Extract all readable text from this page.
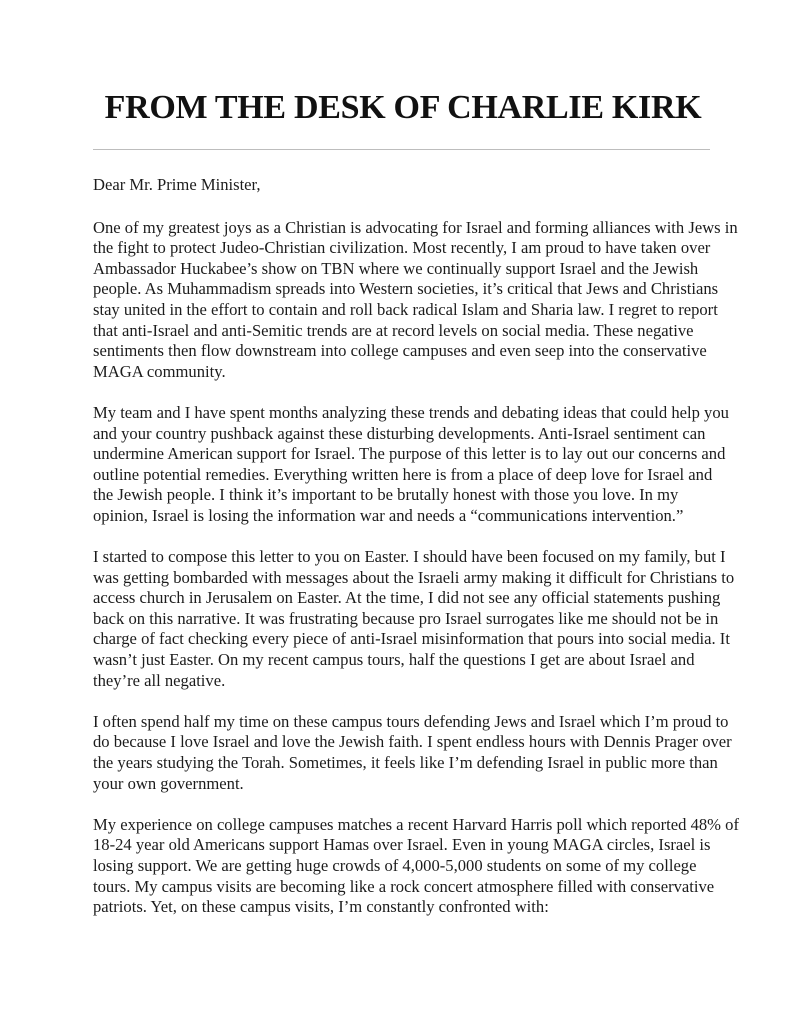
FROM THE DESK OF CHARLIE KIRK
Dear Mr. Prime Minister,
One of my greatest joys as a Christian is advocating for Israel and forming alliances with Jews in
the fight to protect Judeo-Christian civilization. Most recently, I am proud to have taken over
Ambassador Huckabee’s show on TBN where we continually support Israel and the Jewish
people. As Muhammadism spreads into Western societies, it’s critical that Jews and Christians
stay united in the effort to contain and roll back radical Islam and Sharia law. I regret to report
that anti-Israel and anti-Semitic trends are at record levels on social media. These negative
sentiments then flow downstream into college campuses and even seep into the conservative
MAGA community.
My team and I have spent months analyzing these trends and debating ideas that could help you
and your country pushback against these disturbing developments. Anti-Israel sentiment can
undermine American support for Israel. The purpose of this letter is to lay out our concerns and
outline potential remedies. Everything written here is from a place of deep love for Israel and
the Jewish people. I think it’s important to be brutally honest with those you love. In my
opinion, Israel is losing the information war and needs a “communications intervention.”
I started to compose this letter to you on Easter. I should have been focused on my family, but I
was getting bombarded with messages about the Israeli army making it difficult for Christians to
access church in Jerusalem on Easter. At the time, I did not see any official statements pushing
back on this narrative. It was frustrating because pro Israel surrogates like me should not be in
charge of fact checking every piece of anti-Israel misinformation that pours into social media. It
wasn’t just Easter. On my recent campus tours, half the questions I get are about Israel and
they’re all negative.
I often spend half my time on these campus tours defending Jews and Israel which I’m proud to
do because I love Israel and love the Jewish faith. I spent endless hours with Dennis Prager over
the years studying the Torah. Sometimes, it feels like I’m defending Israel in public more than
your own government.
My experience on college campuses matches a recent Harvard Harris poll which reported 48% of
18-24 year old Americans support Hamas over Israel. Even in young MAGA circles, Israel is
losing support. We are getting huge crowds of 4,000-5,000 students on some of my college
tours. My campus visits are becoming like a rock concert atmosphere filled with conservative
patriots. Yet, on these campus visits, I’m constantly confronted with:
